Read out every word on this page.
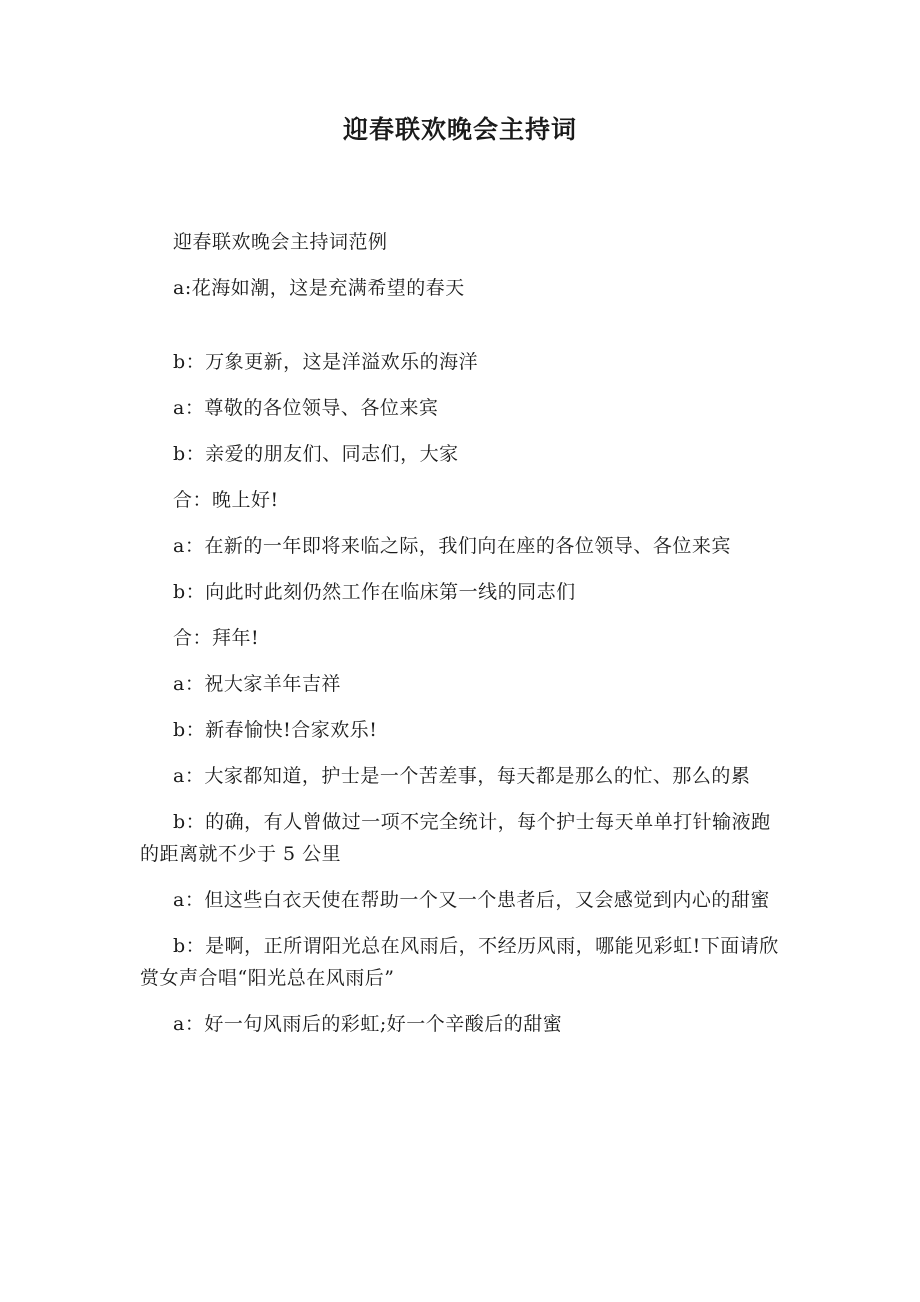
迎春联欢晚会主持词

迎春联欢晚会主持词范例

a:花海如潮，这是充满希望的春天

b：万象更新，这是洋溢欢乐的海洋

a：尊敬的各位领导、各位来宾

b：亲爱的朋友们、同志们，大家

合：晚上好!

a：在新的一年即将来临之际，我们向在座的各位领导、各位来宾

b：向此时此刻仍然工作在临床第一线的同志们

合：拜年!

a：祝大家羊年吉祥

b：新春愉快!合家欢乐!

a：大家都知道，护士是一个苦差事，每天都是那么的忙、那么的累

b：的确，有人曾做过一项不完全统计，每个护士每天单单打针输液跑的距离就不少于 5 公里

a：但这些白衣天使在帮助一个又一个患者后，又会感觉到内心的甜蜜

b：是啊，正所谓阳光总在风雨后，不经历风雨，哪能见彩虹!下面请欣赏女声合唱“阳光总在风雨后”

a：好一句风雨后的彩虹;好一个辛酸后的甜蜜
